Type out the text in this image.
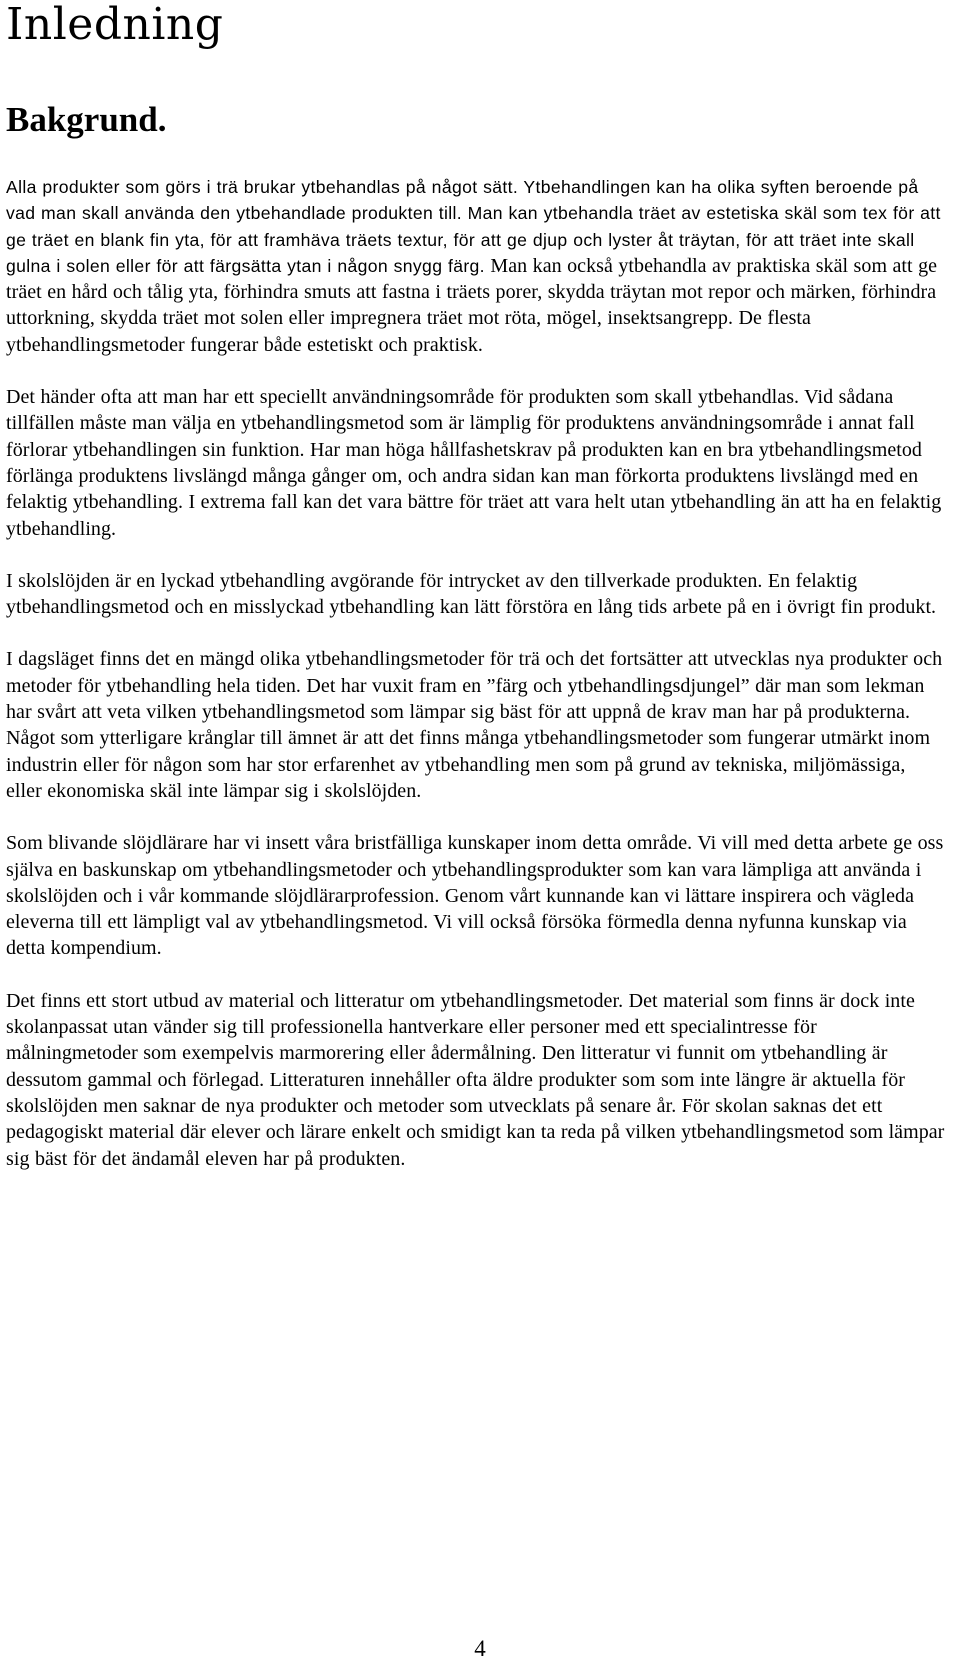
Inledning
Bakgrund.

Alla produkter som görs i trä brukar ytbehandlas på något sätt. Ytbehandlingen kan ha olika syften beroende på vad man skall använda den ytbehandlade produkten till. Man kan ytbehandla träet av estetiska skäl som tex för att ge träet en blank fin yta, för att framhäva träets textur, för att ge djup och lyster åt träytan, för att träet inte skall gulna i solen eller för att färgsätta ytan i någon snygg färg. Man kan också ytbehandla av praktiska skäl som att ge träet en hård och tålig yta, förhindra smuts att fastna i träets porer, skydda träytan mot repor och märken, förhindra uttorkning, skydda träet mot solen eller impregnera träet mot röta, mögel, insektsangrepp. De flesta ytbehandlingsmetoder fungerar både estetiskt och praktisk.

Det händer ofta att man har ett speciellt användningsområde för produkten som skall ytbehandlas. Vid sådana tillfällen måste man välja en ytbehandlingsmetod som är lämplig för produktens användningsområde i annat fall förlorar ytbehandlingen sin funktion. Har man höga hållfashetskrav på produkten kan en bra ytbehandlingsmetod förlänga produktens livslängd många gånger om, och andra sidan kan man förkorta produktens livslängd med en felaktig ytbehandling. I extrema fall kan det vara bättre för träet att vara helt utan ytbehandling än att ha en felaktig ytbehandling.

I skolslöjden är en lyckad ytbehandling avgörande för intrycket av den tillverkade produkten. En felaktig ytbehandlingsmetod och en misslyckad ytbehandling kan lätt förstöra en lång tids arbete på en i övrigt fin produkt.

I dagsläget finns det en mängd olika ytbehandlingsmetoder för trä och det fortsätter att utvecklas nya produkter och metoder för ytbehandling hela tiden. Det har vuxit fram en ”färg och ytbehandlingsdjungel” där man som lekman har svårt att veta vilken ytbehandlingsmetod som lämpar sig bäst för att uppnå de krav man har på produkterna. Något som ytterligare krånglar till ämnet är att det finns många ytbehandlingsmetoder som fungerar utmärkt inom industrin eller för någon som har stor erfarenhet av ytbehandling men som på grund av tekniska, miljömässiga, eller ekonomiska skäl inte lämpar sig i skolslöjden.

Som blivande slöjdlärare har vi insett våra bristfälliga kunskaper inom detta område. Vi vill med detta arbete ge oss själva en baskunskap om ytbehandlingsmetoder och ytbehandlingsprodukter som kan vara lämpliga att använda i skolslöjden och i vår kommande slöjdlärarprofession. Genom vårt kunnande kan vi lättare inspirera och vägleda eleverna till ett lämpligt val av ytbehandlingsmetod. Vi vill också försöka förmedla denna nyfunna kunskap via detta kompendium.

Det finns ett stort utbud av material och litteratur om ytbehandlingsmetoder. Det material som finns är dock inte skolanpassat utan vänder sig till professionella hantverkare eller personer med ett specialintresse för målningmetoder som exempelvis marmorering eller ådermålning. Den litteratur vi funnit om ytbehandling är dessutom gammal och förlegad. Litteraturen innehåller ofta äldre produkter som som inte längre är aktuella för skolslöjden men saknar de nya produkter och metoder som utvecklats på senare år. För skolan saknas det ett pedagogiskt material där elever och lärare enkelt och smidigt kan ta reda på vilken ytbehandlingsmetod som lämpar sig bäst för det ändamål eleven har på produkten.

4
